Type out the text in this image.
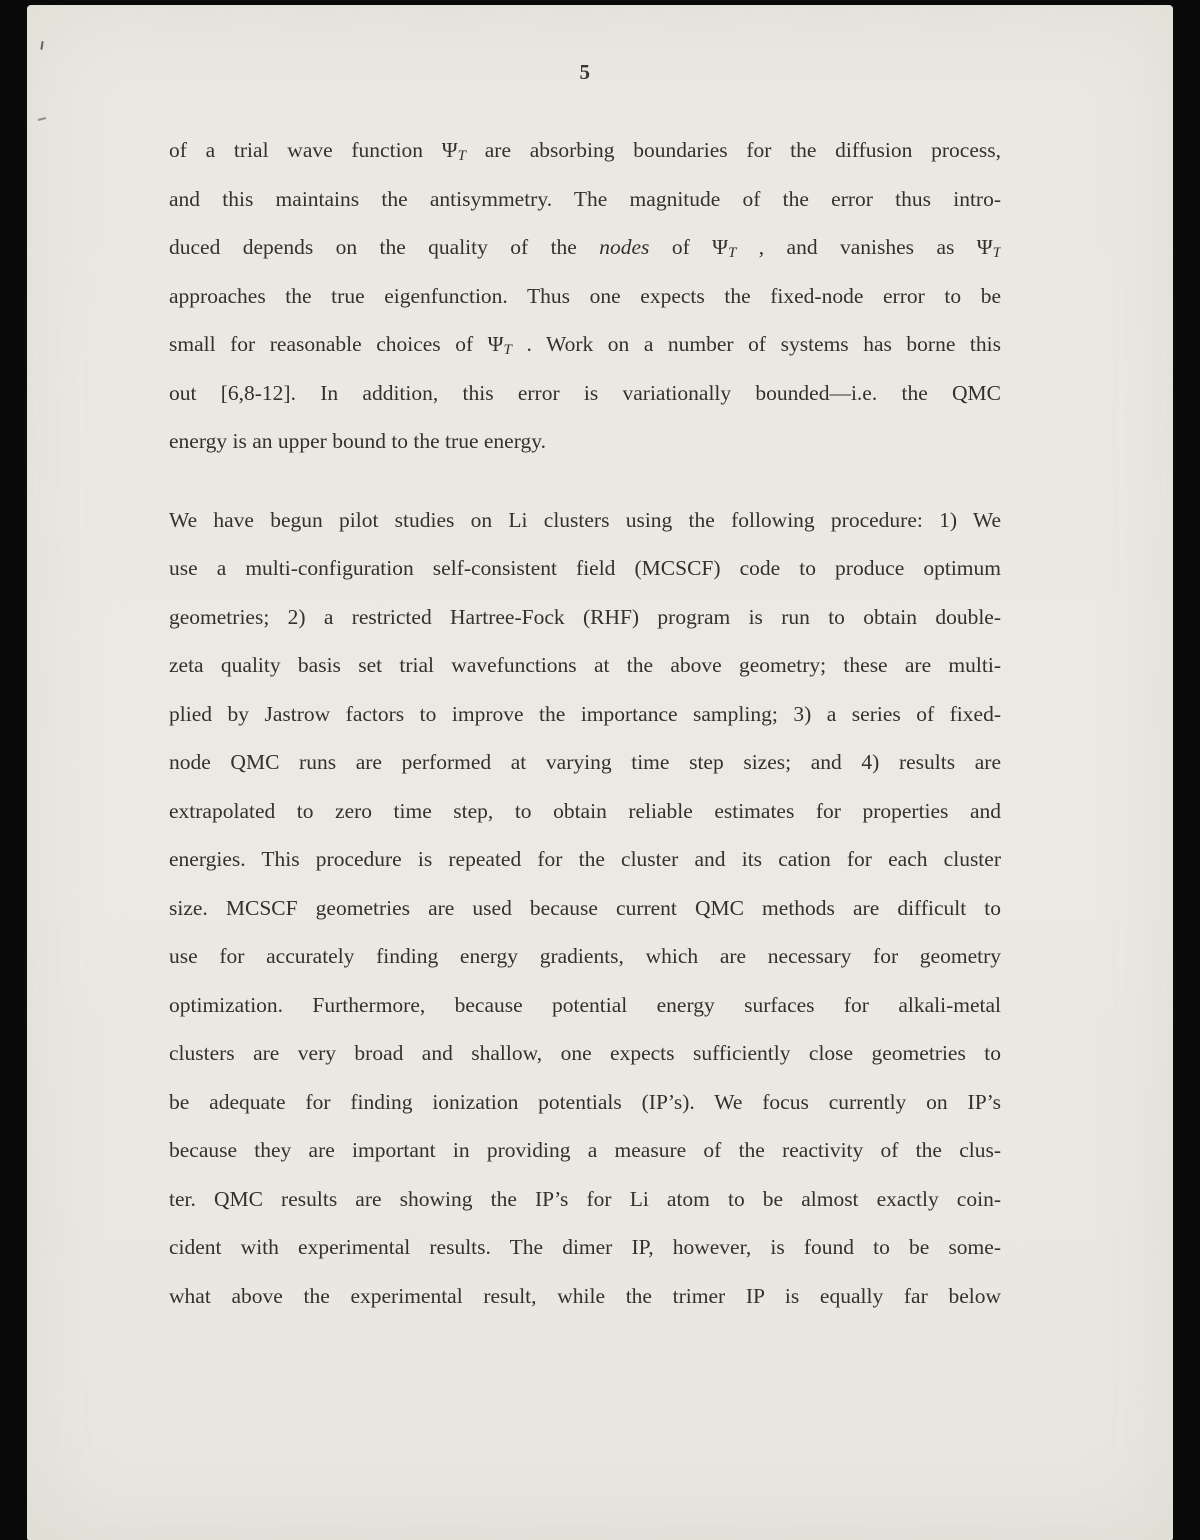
5
of a trial wave function ΨT are absorbing boundaries for the diffusion process,
and this maintains the antisymmetry. The magnitude of the error thus intro-
duced depends on the quality of the nodes of ΨT , and vanishes as ΨT
approaches the true eigenfunction. Thus one expects the fixed-node error to be
small for reasonable choices of ΨT . Work on a number of systems has borne this
out [6,8-12]. In addition, this error is variationally bounded—i.e. the QMC
energy is an upper bound to the true energy.
We have begun pilot studies on Li clusters using the following procedure: 1) We
use a multi-configuration self-consistent field (MCSCF) code to produce optimum
geometries; 2) a restricted Hartree-Fock (RHF) program is run to obtain double-
zeta quality basis set trial wavefunctions at the above geometry; these are multi-
plied by Jastrow factors to improve the importance sampling; 3) a series of fixed-
node QMC runs are performed at varying time step sizes; and 4) results are
extrapolated to zero time step, to obtain reliable estimates for properties and
energies. This procedure is repeated for the cluster and its cation for each cluster
size. MCSCF geometries are used because current QMC methods are difficult to
use for accurately finding energy gradients, which are necessary for geometry
optimization. Furthermore, because potential energy surfaces for alkali-metal
clusters are very broad and shallow, one expects sufficiently close geometries to
be adequate for finding ionization potentials (IP’s). We focus currently on IP’s
because they are important in providing a measure of the reactivity of the clus-
ter. QMC results are showing the IP’s for Li atom to be almost exactly coin-
cident with experimental results. The dimer IP, however, is found to be some-
what above the experimental result, while the trimer IP is equally far below
